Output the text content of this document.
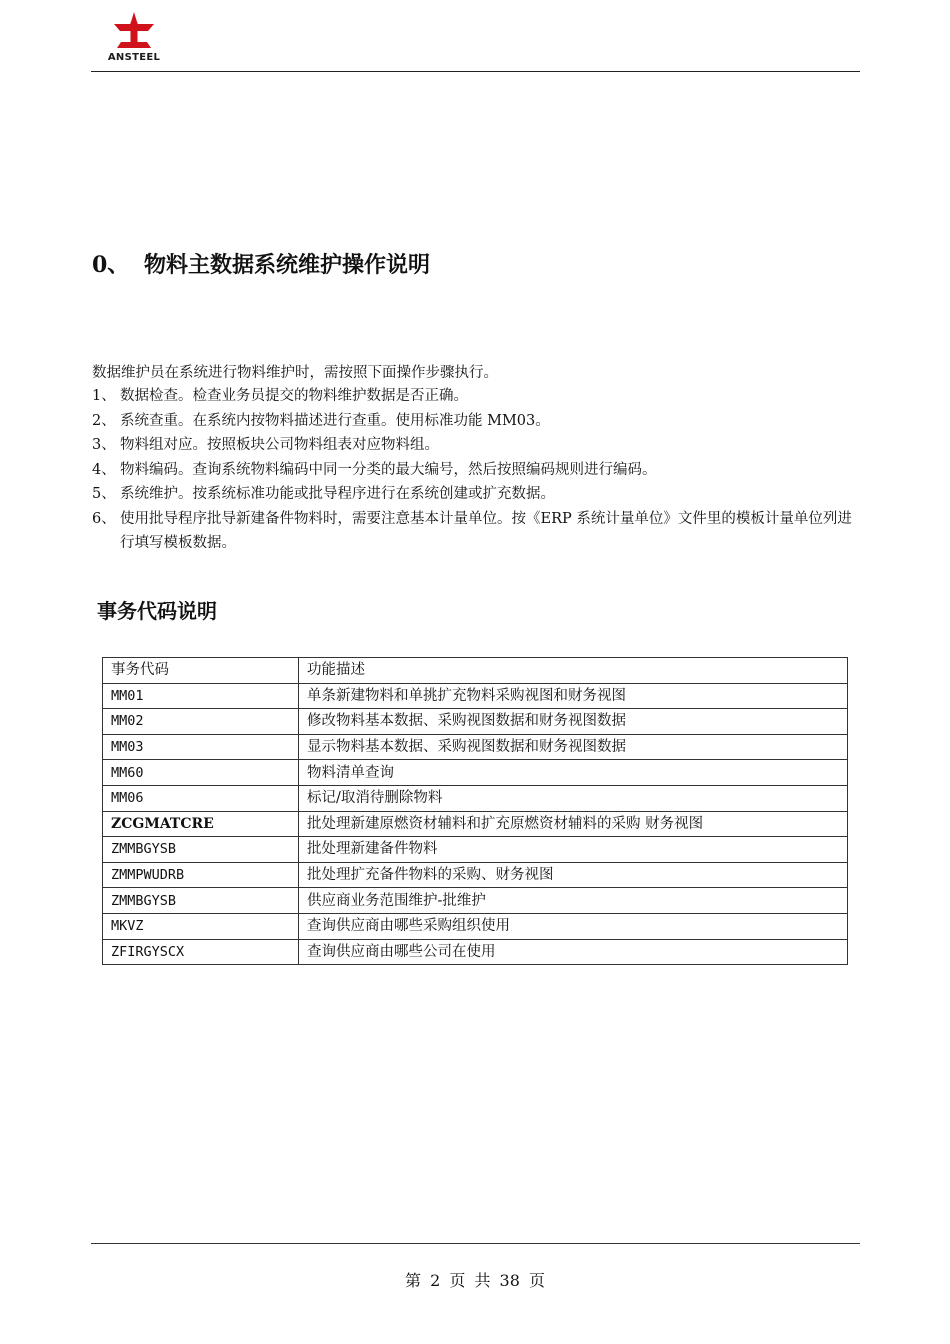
ANSTEEL
0、 物料主数据系统维护操作说明
数据维护员在系统进行物料维护时，需按照下面操作步骤执行。
1、 数据检查。检查业务员提交的物料维护数据是否正确。
2、 系统查重。在系统内按物料描述进行查重。使用标准功能 MM03。
3、 物料组对应。按照板块公司物料组表对应物料组。
4、 物料编码。查询系统物料编码中同一分类的最大编号，然后按照编码规则进行编码。
5、 系统维护。按系统标准功能或批导程序进行在系统创建或扩充数据。
6、 使用批导程序批导新建备件物料时，需要注意基本计量单位。按《ERP 系统计量单位》文件里的模板计量单位列进行填写模板数据。
事务代码说明
事务代码	功能描述
MM01	单条新建物料和单挑扩充物料采购视图和财务视图
MM02	修改物料基本数据、采购视图数据和财务视图数据
MM03	显示物料基本数据、采购视图数据和财务视图数据
MM60	物料清单查询
MM06	标记/取消待删除物料
ZCGMATCRE	批处理新建原燃资材辅料和扩充原燃资材辅料的采购 财务视图
ZMMBGYSB	批处理新建备件物料
ZMMPWUDRB	批处理扩充备件物料的采购、财务视图
ZMMBGYSB	供应商业务范围维护-批维护
MKVZ	查询供应商由哪些采购组织使用
ZFIRGYSCX	查询供应商由哪些公司在使用
第 2 页 共 38 页
